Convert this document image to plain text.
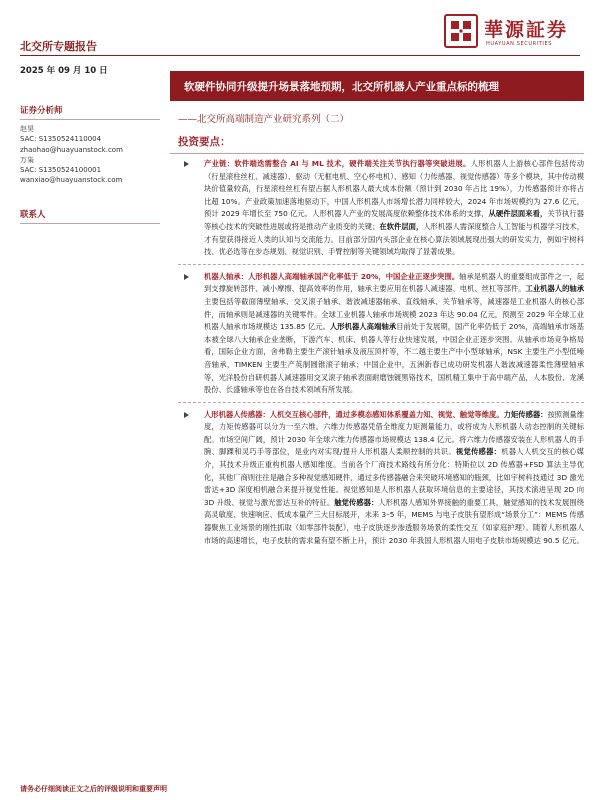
北交所专题报告
華源証券
HUAYUAN SECURITIES
2025 年 09 月 10 日
证券分析师
赵昊
SAC: S1350524110004
zhaohao@huayuanstock.com
万枭
SAC: S1350524100001
wanxiao@huayuanstock.com
联系人
软硬件协同升级提升场景落地预期，北交所机器人产业重点标的梳理
——北交所高端制造产业研究系列（二）
投资要点：

产业链：软件端迭需整合 AI 与 ML 技术，硬件端关注关节执行器等突破进展。人形机器人上游核心部件包括传动（行星滚柱丝杠、减速器）、驱动（无框电机、空心杯电机）、感知（力传感器、视觉传感器）等多个模块，其中传动模块价值量较高，行星滚柱丝杠有望占据人形机器人最大成本份额（预计到 2030 年占比 19%），力传感器预计亦将占比超 10%。产业政策加速落地驱动下，中国人形机器人市场增长潜力同样较大，2024 年市场规模约为 27.6 亿元，预计 2029 年增长至 750 亿元。人形机器人产业的发展高度依赖整体技术体系的支撑，从硬件层面来看，关节执行器等核心技术的突破性进展或将是推动产业质变的关键；在软件层面，人形机器人需深度整合人工智能与机器学习技术，才有望获得接近人类的认知与交流能力。目前部分国内头部企业在核心算法领域展现出强大的研发实力，例如宇树科技、优必选等在步态规划、视觉识别、手臂控制等关键领域均取得了显著成果。

机器人轴承：人形机器人高端轴承国产化率低于 20%，中国企业正逐步突围。轴承是机器人的重要组成部件之一，起到支撑旋转部件、减小摩擦、提高效率的作用，轴承主要应用在机器人减速器、电机、丝杠等部件。工业机器人的轴承主要包括等截面薄壁轴承、交叉滚子轴承、谐波减速器轴承、直线轴承、关节轴承等，减速器是工业机器人的核心部件，而轴承则是减速器的关键零件。全球工业机器人轴承市场规模 2023 年达 90.04 亿元，预测至 2029 年全球工业机器人轴承市场规模达 135.85 亿元。人形机器人高端轴承目前处于发展期，国产化率仍低于 20%，高端轴承市场基本被全球八大轴承企业垄断，下游汽车、机床、机器人等行业快速发展，中国企业正逐步突围。从轴承市场竞争格局看，国际企业方面，舍弗勒主要生产滚针轴承及液压顶杆等，不二越主要生产中小型球轴承，NSK 主要生产小型低噪音轴承，TIMKEN 主要生产英制圆锥滚子轴承；中国企业中，五洲新春已成功研发机器人谐波减速器柔性薄壁轴承等，光洋股份自研机器人减速器用交叉滚子轴承表面耐磨蚀镀黑铬技术，国机精工集中于高中端产品，人本股份、龙溪股份、长盛轴承等也在各自技术领域有所发展。

人形机器人传感器：人机交互核心部件，通过多模态感知体系覆盖力知、视觉、触觉等维度。力矩传感器：按照测量维度，力矩传感器可以分为一至六维。六维力传感器凭借全维度力矩测量能力，或将成为人形机器人动态控制的关键标配。市场空间广阔，预计 2030 年全球六维力传感器市场规模达 138.4 亿元。将六维力传感器安装在人形机器人的手腕、脚踝和灵巧手等部位，是业内对实现/提升人形机器人柔顺控制的共识。视觉传感器：机器人人机交互的核心媒介，其技术升级正重构机器人感知维度。当前各个厂商技术路线有所分化：特斯拉以 2D 传感器+FSD 算法主导优化，其他厂商则往往是融合多种视觉感知硬件，通过多传感器融合来突破环境感知的瓶颈，比如宇树科技通过 3D 激光雷达+3D 深度相机融合来提升视觉性能。视觉感知是人形机器人获取环境信息的主要途径，其技术演进呈现 2D 向 3D 升级、视觉与激光雷达互补的特征。触觉传感器：人形机器人感知外界接触的重要工具，触觉感知的技术发展围绕高灵敏度、快速响应、低成本量产三大目标展开，未来 3–5 年，MEMS 与电子皮肤有望形成“场景分工”：MEMS 传感器聚焦工业场景的刚性抓取（如零部件装配），电子皮肤逐步渗透服务场景的柔性交互（如家庭护理）。随着人形机器人市场的高速增长，电子皮肤的需求量有望不断上升，预计 2030 年我国人形机器人用电子皮肤市场规模达 90.5 亿元。

请务必仔细阅读正文之后的评级说明和重要声明
